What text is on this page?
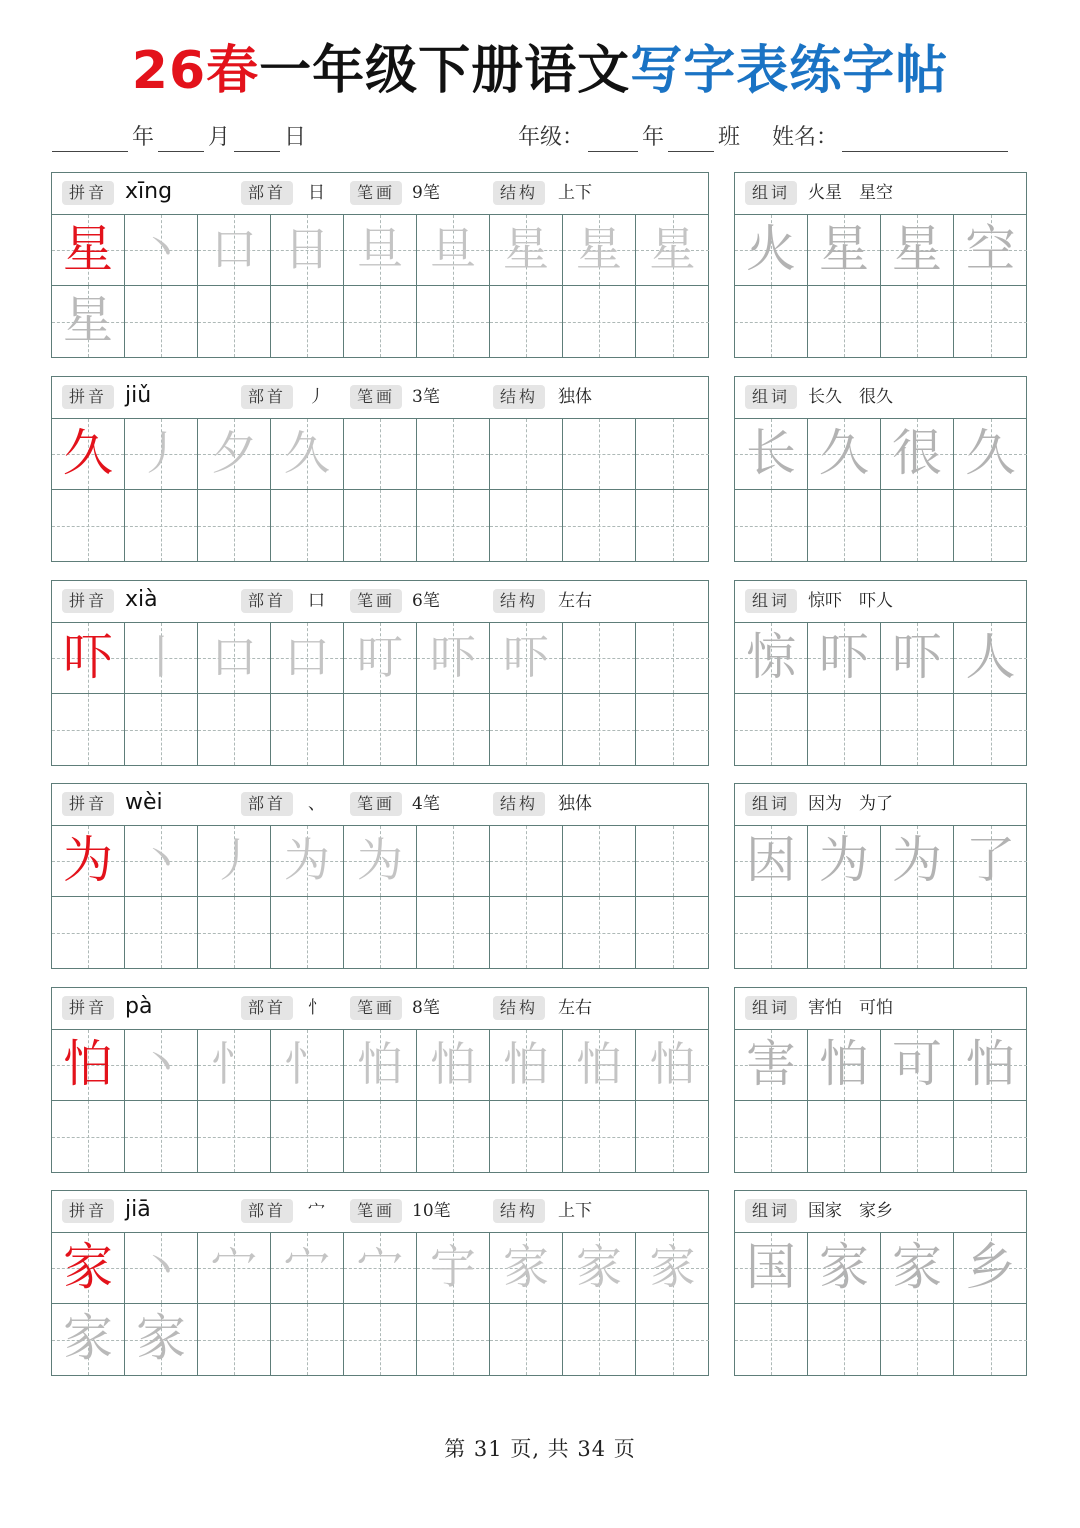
26春一年级下册语文写字表练字帖
年 月 日	年级：	年 班 姓名：
拼音 xīng	部首	日	笔画 9笔	结构	上下
星 丶 口 日 旦 旦 星 星 星
星
组词	火星　星空
火 星 星 空
拼音 jiǔ	部首	丿	笔画 3笔	结构	独体
久 丿 夕 久
组词	长久　很久
长 久 很 久
拼音 xià	部首	口	笔画 6笔	结构	左右
吓 丨 口 口 叮 吓 吓
组词	惊吓　吓人
惊 吓 吓 人
拼音 wèi	部首	、	笔画 4笔	结构	独体
为 丶 丿 为 为
组词	因为　为了
因 为 为 了
拼音 pà	部首	忄	笔画 8笔	结构	左右
怕 丶 忄 忄 怕 怕 怕 怕 怕
组词	害怕　可怕
害 怕 可 怕
拼音 jiā	部首	宀	笔画 10笔	结构	上下
家 丶 宀 宀 宀 宇 家 家 家
家 家
组词	国家　家乡
国 家 家 乡
第 31 页, 共 34 页
